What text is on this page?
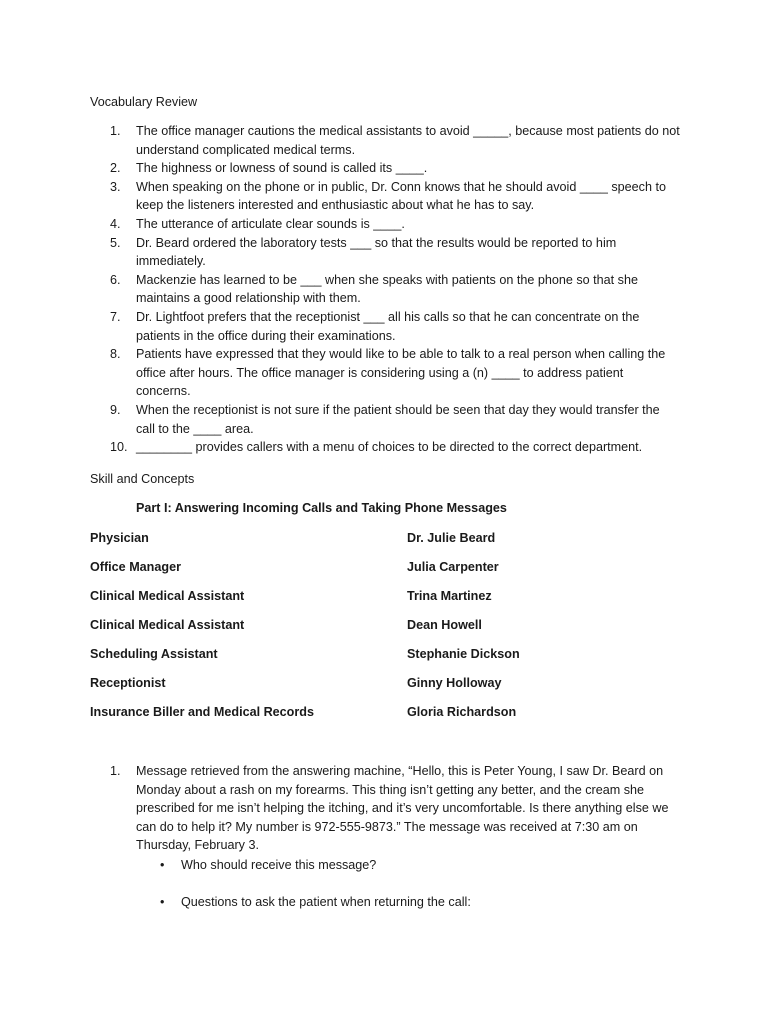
Vocabulary Review
1. The office manager cautions the medical assistants to avoid _____, because most patients do not understand complicated medical terms.
2. The highness or lowness of sound is called its ____.
3. When speaking on the phone or in public, Dr. Conn knows that he should avoid ____ speech to keep the listeners interested and enthusiastic about what he has to say.
4. The utterance of articulate clear sounds is ____.
5. Dr. Beard ordered the laboratory tests ___ so that the results would be reported to him immediately.
6. Mackenzie has learned to be ___ when she speaks with patients on the phone so that she maintains a good relationship with them.
7. Dr. Lightfoot prefers that the receptionist ___ all his calls so that he can concentrate on the patients in the office during their examinations.
8. Patients have expressed that they would like to be able to talk to a real person when calling the office after hours. The office manager is considering using a (n) ____ to address patient concerns.
9. When the receptionist is not sure if the patient should be seen that day they would transfer the call to the ____ area.
10. ________ provides callers with a menu of choices to be directed to the correct department.
Skill and Concepts
Part I: Answering Incoming Calls and Taking Phone Messages
Physician	Dr. Julie Beard
Office Manager	Julia Carpenter
Clinical Medical Assistant	Trina Martinez
Clinical Medical Assistant	Dean Howell
Scheduling Assistant	Stephanie Dickson
Receptionist	Ginny Holloway
Insurance Biller and Medical Records	Gloria Richardson
1. Message retrieved from the answering machine, “Hello, this is Peter Young, I saw Dr. Beard on Monday about a rash on my forearms. This thing isn’t getting any better, and the cream she prescribed for me isn’t helping the itching, and it’s very uncomfortable. Is there anything else we can do to help it? My number is 972-555-9873.” The message was received at 7:30 am on Thursday, February 3.
• Who should receive this message?
• Questions to ask the patient when returning the call:
